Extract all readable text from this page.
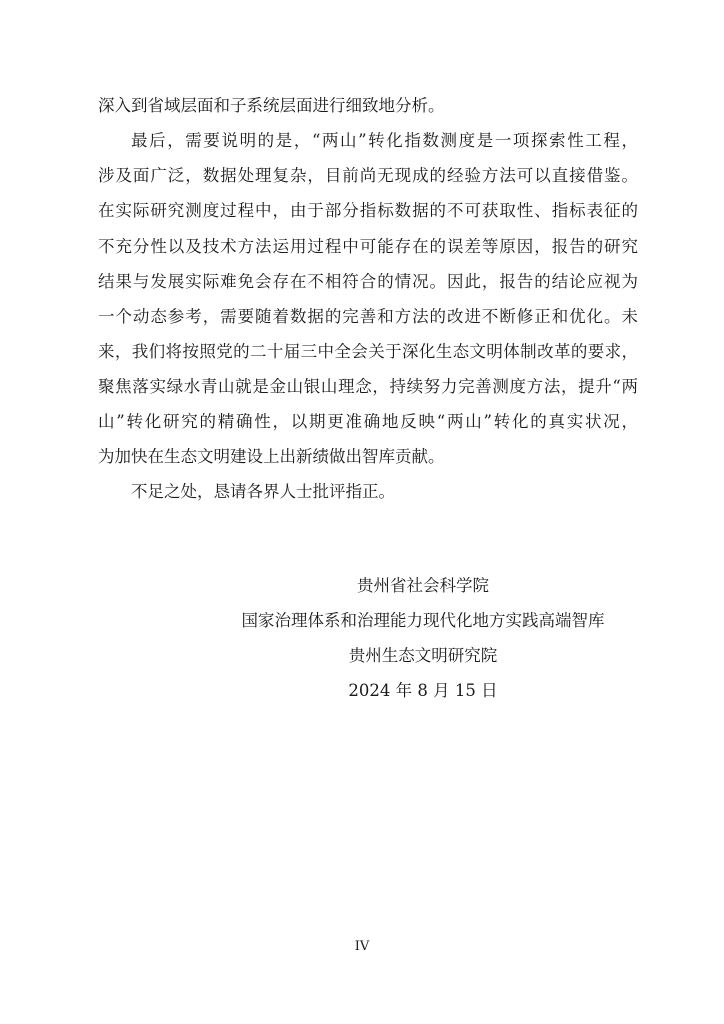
深入到省域层面和子系统层面进行细致地分析。
最后，需要说明的是，“两山”转化指数测度是一项探索性工程，
涉及面广泛，数据处理复杂，目前尚无现成的经验方法可以直接借鉴。
在实际研究测度过程中，由于部分指标数据的不可获取性、指标表征的
不充分性以及技术方法运用过程中可能存在的误差等原因，报告的研究
结果与发展实际难免会存在不相符合的情况。因此，报告的结论应视为
一个动态参考，需要随着数据的完善和方法的改进不断修正和优化。未
来，我们将按照党的二十届三中全会关于深化生态文明体制改革的要求，
聚焦落实绿水青山就是金山银山理念，持续努力完善测度方法，提升“两
山”转化研究的精确性，以期更准确地反映“两山”转化的真实状况，
为加快在生态文明建设上出新绩做出智库贡献。
不足之处，恳请各界人士批评指正。
贵州省社会科学院
国家治理体系和治理能力现代化地方实践高端智库
贵州生态文明研究院
2024 年 8 月 15 日
IV
